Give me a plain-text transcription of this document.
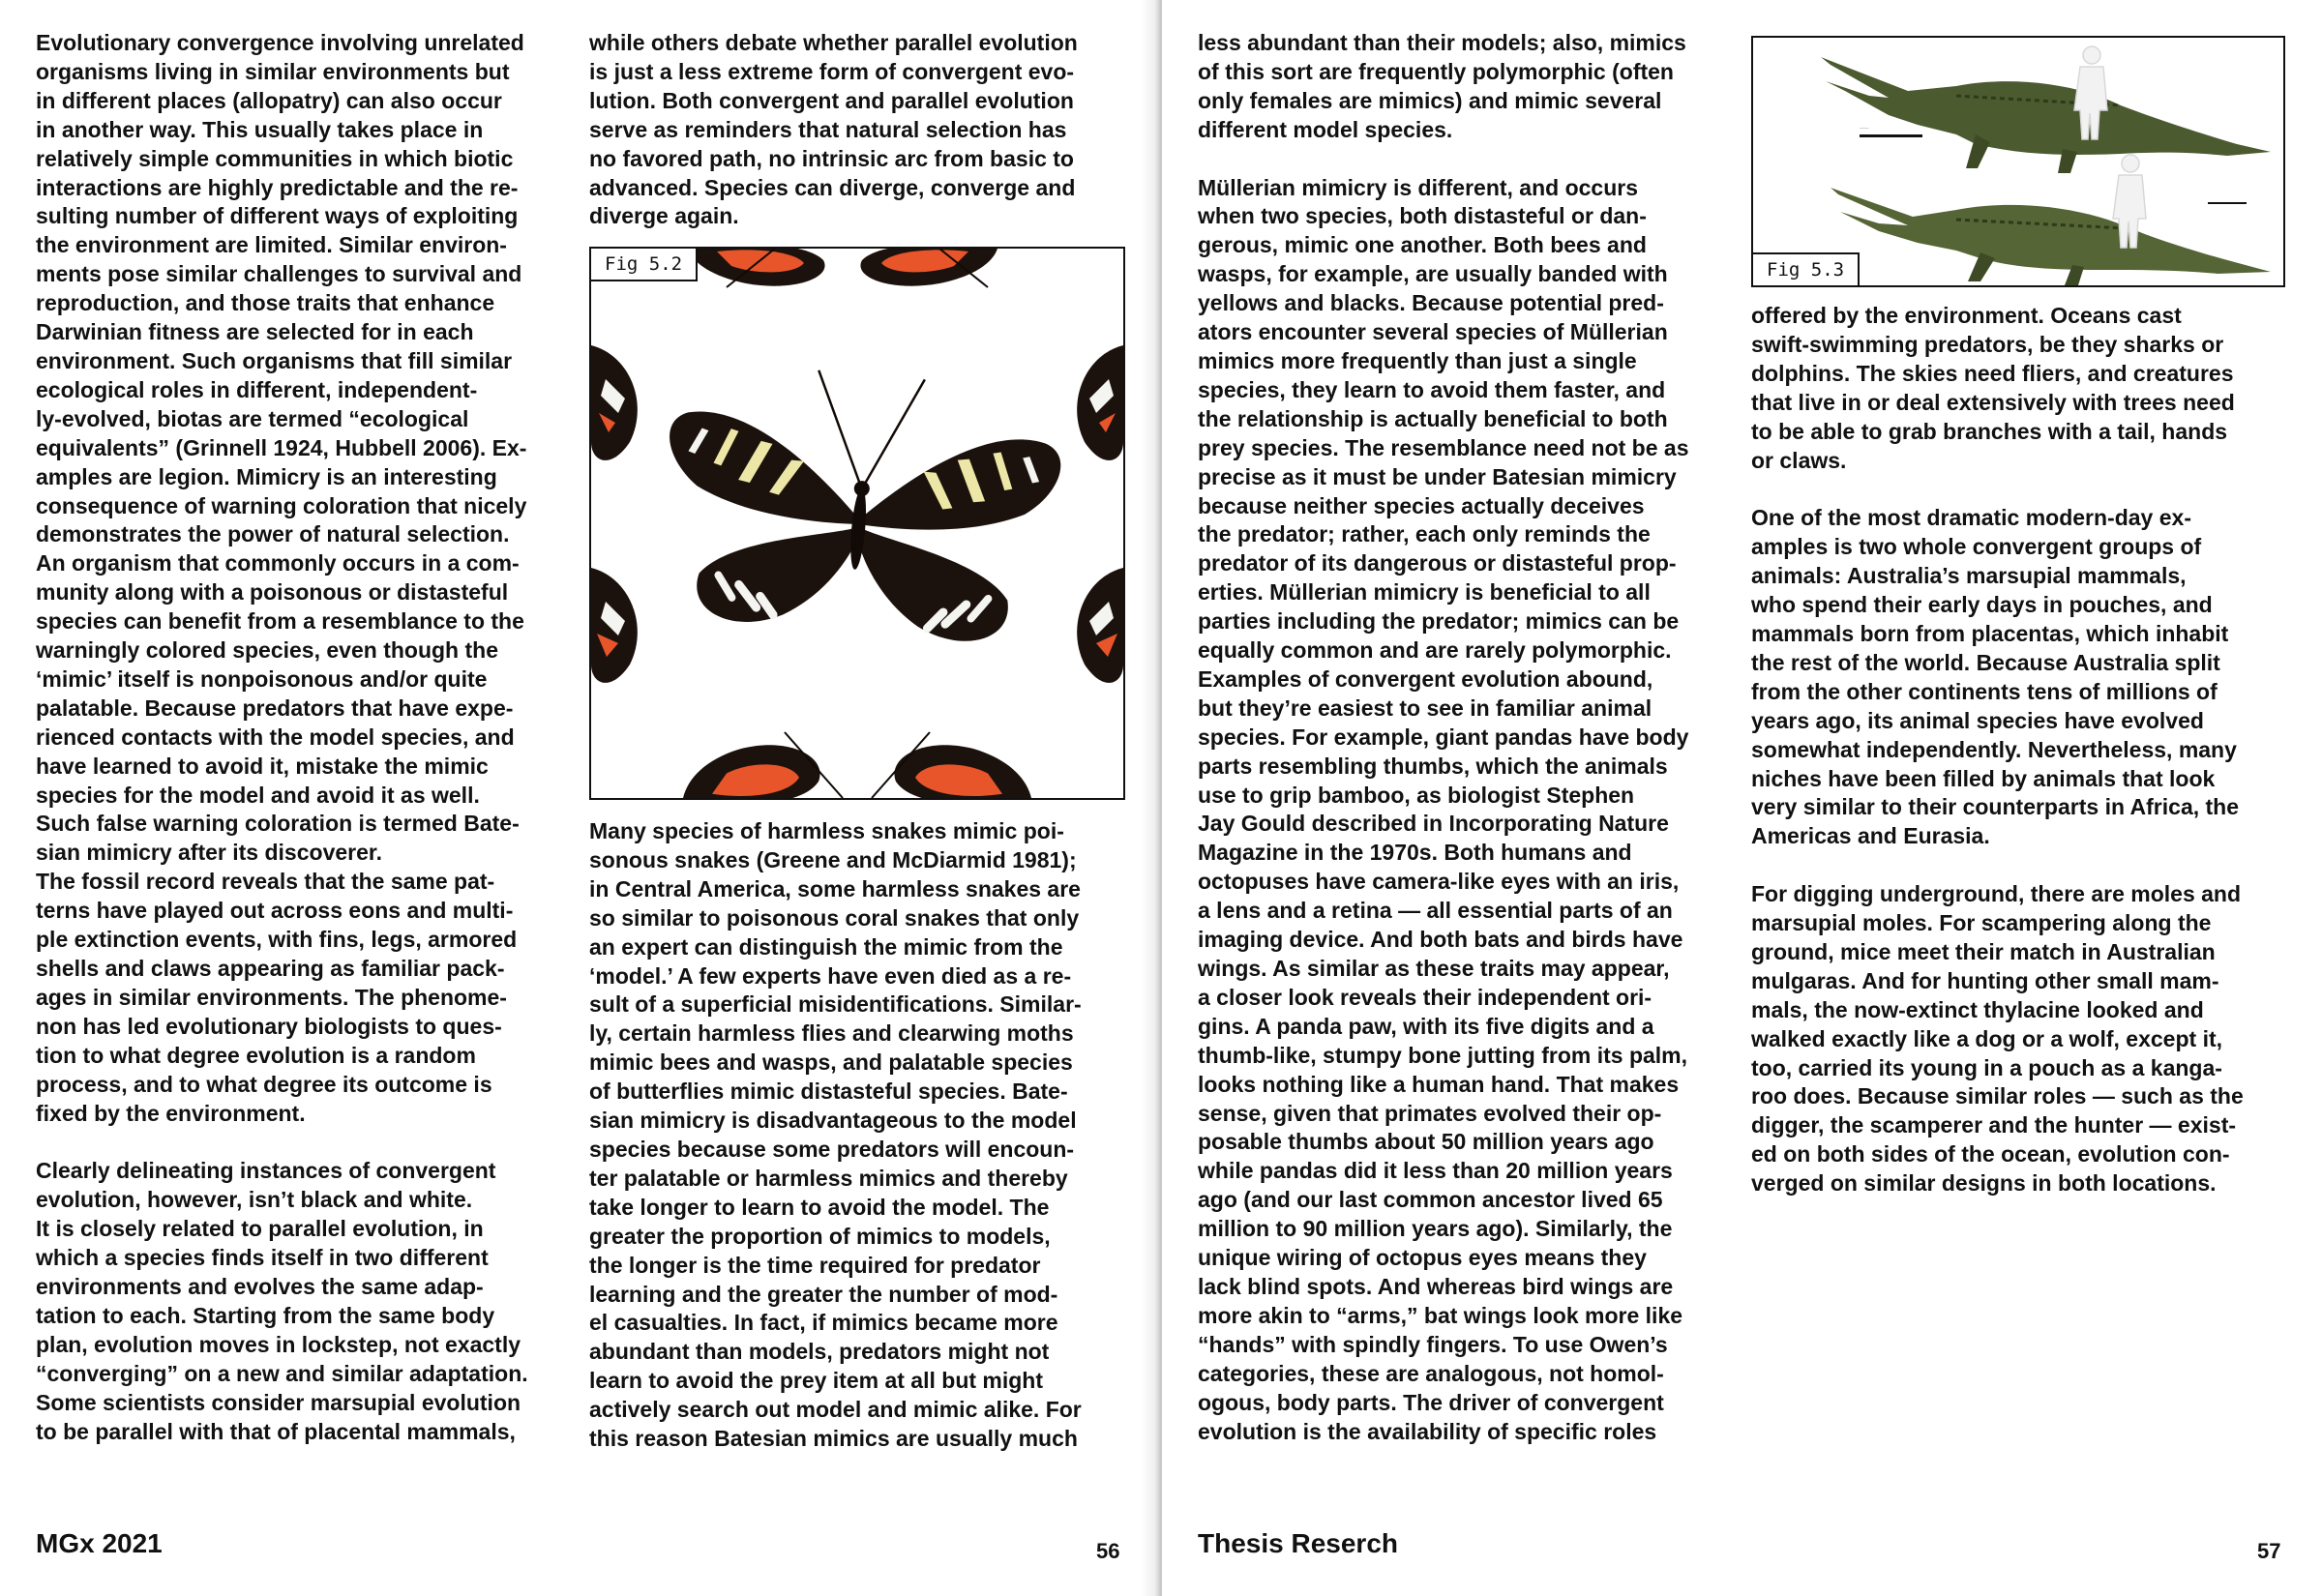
Evolutionary convergence involving unrelated
organisms living in similar environments but
in different places (allopatry) can also occur
in another way. This usually takes place in
relatively simple communities in which biotic
interactions are highly predictable and the re-
sulting number of different ways of exploiting
the environment are limited. Similar environ-
ments pose similar challenges to survival and
reproduction, and those traits that enhance
Darwinian fitness are selected for in each
environment. Such organisms that fill similar
ecological roles in different, independent-
ly-evolved, biotas are termed “ecological
equivalents” (Grinnell 1924, Hubbell 2006). Ex-
amples are legion. Mimicry is an interesting
consequence of warning coloration that nicely
demonstrates the power of natural selection.
An organism that commonly occurs in a com-
munity along with a poisonous or distasteful
species can benefit from a resemblance to the
warningly colored species, even though the
‘mimic’ itself is nonpoisonous and/or quite
palatable. Because predators that have expe-
rienced contacts with the model species, and
have learned to avoid it, mistake the mimic
species for the model and avoid it as well.
Such false warning coloration is termed Bate-
sian mimicry after its discoverer.
The fossil record reveals that the same pat-
terns have played out across eons and multi-
ple extinction events, with fins, legs, armored
shells and claws appearing as familiar pack-
ages in similar environments. The phenome-
non has led evolutionary biologists to ques-
tion to what degree evolution is a random
process, and to what degree its outcome is
fixed by the environment.

Clearly delineating instances of convergent
evolution, however, isn’t black and white.
It is closely related to parallel evolution, in
which a species finds itself in two different
environments and evolves the same adap-
tation to each. Starting from the same body
plan, evolution moves in lockstep, not exactly
“converging” on a new and similar adaptation.
Some scientists consider marsupial evolution
to be parallel with that of placental mammals,
while others debate whether parallel evolution
is just a less extreme form of convergent evo-
lution. Both convergent and parallel evolution
serve as reminders that natural selection has
no favored path, no intrinsic arc from basic to
advanced. Species can diverge, converge and
diverge again.
Fig 5.2
Many species of harmless snakes mimic poi-
sonous snakes (Greene and McDiarmid 1981);
in Central America, some harmless snakes are
so similar to poisonous coral snakes that only
an expert can distinguish the mimic from the
‘model.’ A few experts have even died as a re-
sult of a superficial misidentifications. Similar-
ly, certain harmless flies and clearwing moths
mimic bees and wasps, and palatable species
of butterflies mimic distasteful species. Bate-
sian mimicry is disadvantageous to the model
species because some predators will encoun-
ter palatable or harmless mimics and thereby
take longer to learn to avoid the model. The
greater the proportion of mimics to models,
the longer is the time required for predator
learning and the greater the number of mod-
el casualties. In fact, if mimics became more
abundant than models, predators might not
learn to avoid the prey item at all but might
actively search out model and mimic alike. For
this reason Batesian mimics are usually much
MGx 2021	56
less abundant than their models; also, mimics
of this sort are frequently polymorphic (often
only females are mimics) and mimic several
different model species.

Müllerian mimicry is different, and occurs
when two species, both distasteful or dan-
gerous, mimic one another. Both bees and
wasps, for example, are usually banded with
yellows and blacks. Because potential pred-
ators encounter several species of Müllerian
mimics more frequently than just a single
species, they learn to avoid them faster, and
the relationship is actually beneficial to both
prey species. The resemblance need not be as
precise as it must be under Batesian mimicry
because neither species actually deceives
the predator; rather, each only reminds the
predator of its dangerous or distasteful prop-
erties. Müllerian mimicry is beneficial to all
parties including the predator; mimics can be
equally common and are rarely polymorphic.
Examples of convergent evolution abound,
but they’re easiest to see in familiar animal
species. For example, giant pandas have body
parts resembling thumbs, which the animals
use to grip bamboo, as biologist Stephen
Jay Gould described in Incorporating Nature
Magazine in the 1970s. Both humans and
octopuses have camera-like eyes with an iris,
a lens and a retina — all essential parts of an
imaging device. And both bats and birds have
wings. As similar as these traits may appear,
a closer look reveals their independent ori-
gins. A panda paw, with its five digits and a
thumb-like, stumpy bone jutting from its palm,
looks nothing like a human hand. That makes
sense, given that primates evolved their op-
posable thumbs about 50 million years ago
while pandas did it less than 20 million years
ago (and our last common ancestor lived 65
million to 90 million years ago). Similarly, the
unique wiring of octopus eyes means they
lack blind spots. And whereas bird wings are
more akin to “arms,” bat wings look more like
“hands” with spindly fingers. To use Owen’s
categories, these are analogous, not homol-
ogous, body parts. The driver of convergent
evolution is the availability of specific roles
·····
Fig 5.3
offered by the environment. Oceans cast
swift-swimming predators, be they sharks or
dolphins. The skies need fliers, and creatures
that live in or deal extensively with trees need
to be able to grab branches with a tail, hands
or claws.

One of the most dramatic modern-day ex-
amples is two whole convergent groups of
animals: Australia’s marsupial mammals,
who spend their early days in pouches, and
mammals born from placentas, which inhabit
the rest of the world. Because Australia split
from the other continents tens of millions of
years ago, its animal species have evolved
somewhat independently. Nevertheless, many
niches have been filled by animals that look
very similar to their counterparts in Africa, the
Americas and Eurasia.

For digging underground, there are moles and
marsupial moles. For scampering along the
ground, mice meet their match in Australian
mulgaras. And for hunting other small mam-
mals, the now-extinct thylacine looked and
walked exactly like a dog or a wolf, except it,
too, carried its young in a pouch as a kanga-
roo does. Because similar roles — such as the
digger, the scamperer and the hunter — exist-
ed on both sides of the ocean, evolution con-
verged on similar designs in both locations.
Thesis Reserch	57
